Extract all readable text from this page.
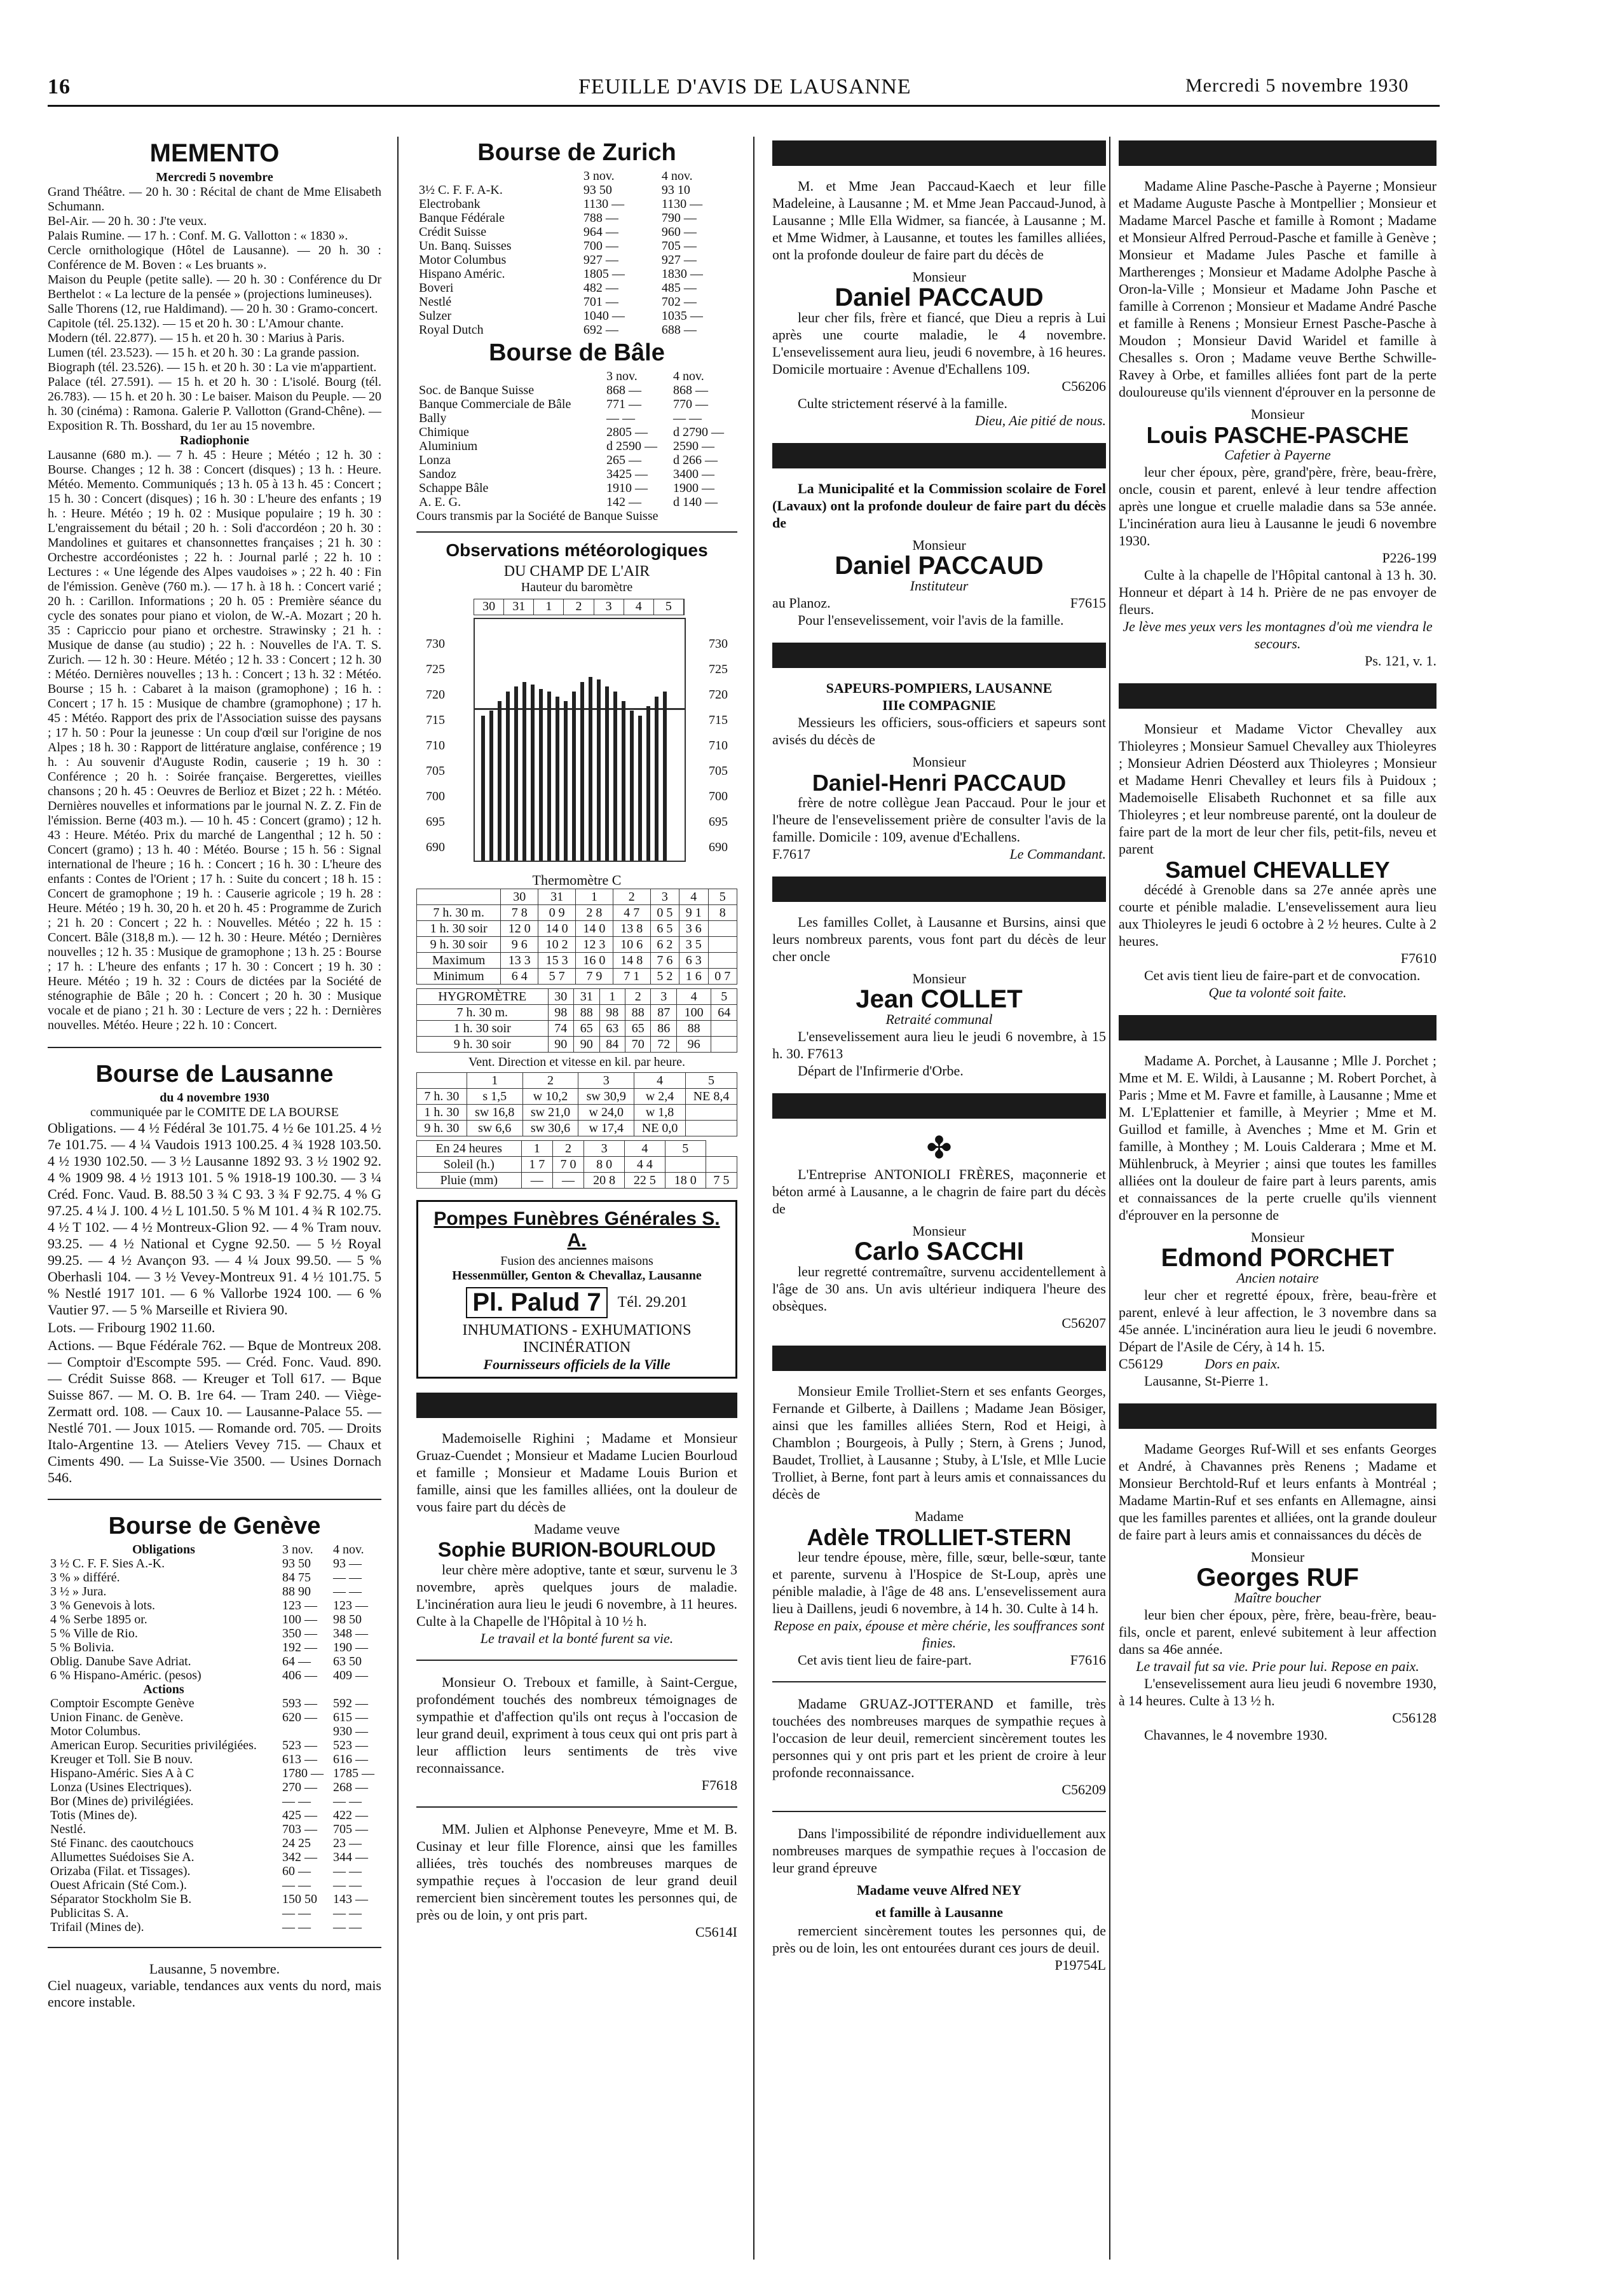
16	FEUILLE D'AVIS DE LAUSANNE	Mercredi 5 novembre 1930
MEMENTO
Mercredi 5 novembre

Grand Théâtre. — 20 h. 30 : Récital de chant de Mme Elisabeth Schumann.

Bel-Air. — 20 h. 30 : J'te veux.

Palais Rumine. — 17 h. : Conf. M. G. Vallotton : « 1830 ».

Cercle ornithologique (Hôtel de Lausanne). — 20 h. 30 : Conférence de M. Boven : « Les bruants ».

Maison du Peuple (petite salle). — 20 h. 30 : Conférence du Dr Berthelot : « La lecture de la pensée » (projections lumineuses).

Salle Thorens (12, rue Haldimand). — 20 h. 30 : Gramo-concert.

Capitole (tél. 25.132). — 15 et 20 h. 30 : L'Amour chante.

Modern (tél. 22.877). — 15 h. et 20 h. 30 : Marius à Paris.

Lumen (tél. 23.523). — 15 h. et 20 h. 30 : La grande passion.

Biograph (tél. 23.526). — 15 h. et 20 h. 30 : La vie m'appartient.

Palace (tél. 27.591). — 15 h. et 20 h. 30 : L'isolé. Bourg (tél. 26.783). — 15 h. et 20 h. 30 : Le baiser. Maison du Peuple. — 20 h. 30 (cinéma) : Ramona. Galerie P. Vallotton (Grand-Chêne). — Exposition R. Th. Bosshard, du 1er au 15 novembre.

Radiophonie

Lausanne (680 m.). — 7 h. 45 : Heure ; Météo ; 12 h. 30 : Bourse. Changes ; 12 h. 38 : Concert (disques) ; 13 h. : Heure. Météo. Memento. Communiqués ; 13 h. 05 à 13 h. 45 : Concert ; 15 h. 30 : Concert (disques) ; 16 h. 30 : L'heure des enfants ; 19 h. : Heure. Météo ; 19 h. 02 : Musique populaire ; 19 h. 30 : L'engraissement du bétail ; 20 h. : Soli d'accordéon ; 20 h. 30 : Mandolines et guitares et chansonnettes françaises ; 21 h. 30 : Orchestre accordéonistes ; 22 h. : Journal parlé ; 22 h. 10 : Lectures : « Une légende des Alpes vaudoises » ; 22 h. 40 : Fin de l'émission. Genève (760 m.). — 17 h. à 18 h. : Concert varié ; 20 h. : Carillon. Informations ; 20 h. 05 : Première séance du cycle des sonates pour piano et violon, de W.-A. Mozart ; 20 h. 35 : Capriccio pour piano et orchestre. Strawinsky ; 21 h. : Musique de danse (au studio) ; 22 h. : Nouvelles de l'A. T. S. Zurich. — 12 h. 30 : Heure. Météo ; 12 h. 33 : Concert ; 12 h. 30 : Météo. Dernières nouvelles ; 13 h. : Concert ; 13 h. 32 : Météo. Bourse ; 15 h. : Cabaret à la maison (gramophone) ; 16 h. : Concert ; 17 h. 15 : Musique de chambre (gramophone) ; 17 h. 45 : Météo. Rapport des prix de l'Association suisse des paysans ; 17 h. 50 : Pour la jeunesse : Un coup d'œil sur l'origine de nos Alpes ; 18 h. 30 : Rapport de littérature anglaise, conférence ; 19 h. : Au souvenir d'Auguste Rodin, causerie ; 19 h. 30 : Conférence ; 20 h. : Soirée française. Bergerettes, vieilles chansons ; 20 h. 45 : Oeuvres de Berlioz et Bizet ; 22 h. : Météo. Dernières nouvelles et informations par le journal N. Z. Z. Fin de l'émission. Berne (403 m.). — 10 h. 45 : Concert (gramo) ; 12 h. 43 : Heure. Météo. Prix du marché de Langenthal ; 12 h. 50 : Concert (gramo) ; 13 h. 40 : Météo. Bourse ; 15 h. 56 : Signal international de l'heure ; 16 h. : Concert ; 16 h. 30 : L'heure des enfants : Contes de l'Orient ; 17 h. : Suite du concert ; 18 h. 15 : Concert de gramophone ; 19 h. : Causerie agricole ; 19 h. 28 : Heure. Météo ; 19 h. 30, 20 h. et 20 h. 45 : Programme de Zurich ; 21 h. 20 : Concert ; 22 h. : Nouvelles. Météo ; 22 h. 15 : Concert. Bâle (318,8 m.). — 12 h. 30 : Heure. Météo ; Dernières nouvelles ; 12 h. 35 : Musique de gramophone ; 13 h. 25 : Bourse ; 17 h. : L'heure des enfants ; 17 h. 30 : Concert ; 19 h. 30 : Heure. Météo ; 19 h. 32 : Cours de dictées par la Société de sténographie de Bâle ; 20 h. : Concert ; 20 h. 30 : Musique vocale et de piano ; 21 h. 30 : Lecture de vers ; 22 h. : Dernières nouvelles. Météo. Heure ; 22 h. 10 : Concert.

Bourse de Lausanne
du 4 novembre 1930
communiquée par le COMITE DE LA BOURSE

Obligations. — 4 ½ Fédéral 3e 101.75. 4 ½ 6e 101.25. 4 ½ 7e 101.75. — 4 ¼ Vaudois 1913 100.25. 4 ¾ 1928 103.50. 4 ½ 1930 102.50. — 3 ½ Lausanne 1892 93. 3 ½ 1902 92. 4 % 1909 98. 4 ½ 1913 101. 5 % 1918-19 100.30. — 3 ¼ Créd. Fonc. Vaud. B. 88.50 3 ¾ C 93. 3 ¾ F 92.75. 4 % G 97.25. 4 ¼ J. 100. 4 ½ L 101.50. 5 % M 101. 4 ¾ R 102.75. 4 ½ T 102. — 4 ½ Montreux-Glion 92. — 4 % Tram nouv. 93.25. — 4 ½ National et Cygne 92.50. — 5 ½ Royal 99.25. — 4 ½ Avançon 93. — 4 ¼ Joux 99.50. — 5 % Oberhasli 104. — 3 ½ Vevey-Montreux 91. 4 ½ 101.75. 5 % Nestlé 1917 101. — 6 % Vallorbe 1924 100. — 6 % Vautier 97. — 5 % Marseille et Riviera 90.

Lots. — Fribourg 1902 11.60.

Actions. — Bque Fédérale 762. — Bque de Montreux 208. — Comptoir d'Escompte 595. — Créd. Fonc. Vaud. 890. — Crédit Suisse 868. — Kreuger et Toll 617. — Bque Suisse 867. — M. O. B. 1re 64. — Tram 240. — Viège-Zermatt ord. 108. — Caux 10. — Lausanne-Palace 55. — Nestlé 701. — Joux 1015. — Romande ord. 705. — Droits Italo-Argentine 13. — Ateliers Vevey 715. — Chaux et Ciments 490. — La Suisse-Vie 3500. — Usines Dornach 546.

Bourse de Genève
Obligations	3 nov.	4 nov.
3 ½ C. F. F. Sies A.-K.	93 50	93 —
3 % » différé.	84 75	— —
3 ½ » Jura.	88 90	— —
3 % Genevois à lots.	123 —	123 —
4 % Serbe 1895 or.	100 —	98 50
5 % Ville de Rio.	350 —	348 —
5 % Bolivia.	192 —	190 —
Oblig. Danube Save Adriat.	64 —	63 50
6 % Hispano-Améric. (pesos)	406 —	409 —
Actions		
Comptoir Escompte Genève	593 —	592 —
Union Financ. de Genève.	620 —	615 —
Motor Columbus.		930 —
American Europ. Securities privilégiées.	523 —	523 —
Kreuger et Toll. Sie B nouv.	613 —	616 —
Hispano-Améric. Sies A à C	1780 —	1785 —
Lonza (Usines Electriques).	270 —	268 —
Bor (Mines de) privilégiées.	— —	— —
Totis (Mines de).	425 —	422 —
Nestlé.	703 —	705 —
Sté Financ. des caoutchoucs	24 25	23 —
Allumettes Suédoises Sie A.	342 —	344 —
Orizaba (Filat. et Tissages).	60 —	— —
Ouest Africain (Sté Com.).	— —	— —
Séparator Stockholm Sie B.	150 50	143 —
Publicitas S. A.	— —	— —
Trifail (Mines de).	— —	— —
Lausanne, 5 novembre.
Ciel nuageux, variable, tendances aux vents du nord, mais encore instable.
Bourse de Zurich
	3 nov.	4 nov.
3½ C. F. F. A-K.	93 50	93 10
Electrobank	1130 —	1130 —
Banque Fédérale	788 —	790 —
Crédit Suisse	964 —	960 —
Un. Banq. Suisses	700 —	705 —
Motor Columbus	927 —	927 —
Hispano Améric.	1805 —	1830 —
Boveri	482 —	485 —
Nestlé	701 —	702 —
Sulzer	1040 —	1035 —
Royal Dutch	692 —	688 —
Bourse de Bâle
	3 nov.	4 nov.
Soc. de Banque Suisse	868 —	868 —
Banque Commerciale de Bâle	771 —	770 —
Bally	— —	— —
Chimique	2805 —	d 2790 —
Aluminium	d 2590 —	2590 —
Lonza	265 —	d 266 —
Sandoz	3425 —	3400 —
Schappe Bâle	1910 —	1900 —
A. E. G.	142 —	d 140 —
Cours transmis par la Société de Banque Suisse
Observations météorologiques
DU CHAMP DE L'AIR
Hauteur du baromètre
30	31	1	2	3	4	5
730
725
720
715
710
705
700
695
690
730
725
720
715
710
705
700
695
690
Thermomètre C
	30	31	1	2	3	4	5
7 h. 30 m.	7 8	0 9	2 8	4 7	0 5	9 1	8
1 h. 30 soir	12 0	14 0	14 0	13 8	6 5	3 6	
9 h. 30 soir	9 6	10 2	12 3	10 6	6 2	3 5	
Maximum	13 3	15 3	16 0	14 8	7 6	6 3	
Minimum	6 4	5 7	7 9	7 1	5 2	1 6	0 7
HYGROMÈTRE	30	31	1	2	3	4	5
7 h. 30 m.	98	88	98	88	87	100	64
1 h. 30 soir	74	65	63	65	86	88	
9 h. 30 soir	90	90	84	70	72	96	
Vent. Direction et vitesse en kil. par heure.
	1	2	3	4	5
7 h. 30	s 1,5	w 10,2	sw 30,9	w 2,4	NE 8,4
1 h. 30	sw 16,8	sw 21,0	w 24,0	w 1,8	
9 h. 30	sw 6,6	sw 30,6	w 17,4	NE 0,0	
En 24 heures	1	2	3	4	5	
Soleil (h.)	1 7	7 0	8 0	4 4		
Pluie (mm)	—	—	20 8	22 5	18 0	7 5
Pompes Funèbres Générales S. A.
Fusion des anciennes maisons
Hessenmüller, Genton & Chevallaz, Lausanne
Pl. Palud 7	Tél. 29.201
INHUMATIONS - EXHUMATIONS
INCINÉRATION
Fournisseurs officiels de la Ville

Mademoiselle Righini ; Madame et Monsieur Gruaz-Cuendet ; Monsieur et Madame Lucien Bourloud et famille ; Monsieur et Madame Louis Burion et famille, ainsi que les familles alliées, ont la douleur de vous faire part du décès de

Madame veuve
Sophie BURION-BOURLOUD

leur chère mère adoptive, tante et sœur, survenu le 3 novembre, après quelques jours de maladie. L'incinération aura lieu le jeudi 6 novembre, à 11 heures. Culte à la Chapelle de l'Hôpital à 10 ½ h.

Le travail et la bonté furent sa vie.

Monsieur O. Treboux et famille, à Saint-Cergue, profondément touchés des nombreux témoignages de sympathie et d'affection qu'ils ont reçus à l'occasion de leur grand deuil, expriment à tous ceux qui ont pris part à leur affliction leurs sentiments de très vive reconnaissance.

F7618

MM. Julien et Alphonse Peneveyre, Mme et M. B. Cusinay et leur fille Florence, ainsi que les familles alliées, très touchés des nombreuses marques de sympathie reçues à l'occasion de leur grand deuil remercient bien sincèrement toutes les personnes qui, de près ou de loin, y ont pris part.

C5614I

M. et Mme Jean Paccaud-Kaech et leur fille Madeleine, à Lausanne ; M. et Mme Jean Paccaud-Junod, à Lausanne ; Mlle Ella Widmer, sa fiancée, à Lausanne ; M. et Mme Widmer, à Lausanne, et toutes les familles alliées, ont la profonde douleur de faire part du décès de

Monsieur
Daniel PACCAUD

leur cher fils, frère et fiancé, que Dieu a repris à Lui après une courte maladie, le 4 novembre. L'ensevelissement aura lieu, jeudi 6 novembre, à 16 heures. Domicile mortuaire : Avenue d'Echallens 109.

C56206

Culte strictement réservé à la famille.

Dieu, Aie pitié de nous.

La Municipalité et la Commission scolaire de Forel (Lavaux) ont la profonde douleur de faire part du décès de

Monsieur
Daniel PACCAUD
Instituteur

au Planoz.	F7615

Pour l'ensevelissement, voir l'avis de la famille.

SAPEURS-POMPIERS, LAUSANNE
IIIe COMPAGNIE

Messieurs les officiers, sous-officiers et sapeurs sont avisés du décès de

Monsieur
Daniel-Henri PACCAUD

frère de notre collègue Jean Paccaud. Pour le jour et l'heure de l'ensevelissement prière de consulter l'avis de la famille. Domicile : 109, avenue d'Echallens.

F.7617	Le Commandant.

Les familles Collet, à Lausanne et Bursins, ainsi que leurs nombreux parents, vous font part du décès de leur cher oncle

Monsieur
Jean COLLET
Retraité communal

L'ensevelissement aura lieu le jeudi 6 novembre, à 15 h. 30. F7613

Départ de l'Infirmerie d'Orbe.

✤

L'Entreprise ANTONIOLI FRÈRES, maçonnerie et béton armé à Lausanne, a le chagrin de faire part du décès de

Monsieur
Carlo SACCHI

leur regretté contremaître, survenu accidentellement à l'âge de 30 ans. Un avis ultérieur indiquera l'heure des obsèques.

C56207

Monsieur Emile Trolliet-Stern et ses enfants Georges, Fernande et Gilberte, à Daillens ; Madame Jean Bösiger, ainsi que les familles alliées Stern, Rod et Heigi, à Chamblon ; Bourgeois, à Pully ; Stern, à Grens ; Junod, Baudet, Trolliet, à Lausanne ; Stuby, à L'Isle, et Mlle Lucie Trolliet, à Berne, font part à leurs amis et connaissances du décès de

Madame
Adèle TROLLIET-STERN

leur tendre épouse, mère, fille, sœur, belle-sœur, tante et parente, survenu à l'Hospice de St-Loup, après une pénible maladie, à l'âge de 48 ans. L'ensevelissement aura lieu à Daillens, jeudi 6 novembre, à 14 h. 30. Culte à 14 h.

Repose en paix, épouse et mère chérie, les souffrances sont finies.

Cet avis tient lieu de faire-part.	F7616

Madame GRUAZ-JOTTERAND et famille, très touchées des nombreuses marques de sympathie reçues à l'occasion de leur deuil, remercient sincèrement toutes les personnes qui y ont pris part et les prient de croire à leur profonde reconnaissance.

C56209

Dans l'impossibilité de répondre individuellement aux nombreuses marques de sympathie reçues à l'occasion de leur grand épreuve

Madame veuve Alfred NEY
et famille à Lausanne

remercient sincèrement toutes les personnes qui, de près ou de loin, les ont entourées durant ces jours de deuil.

P19754L

Madame Aline Pasche-Pasche à Payerne ; Monsieur et Madame Auguste Pasche à Montpellier ; Monsieur et Madame Marcel Pasche et famille à Romont ; Madame et Monsieur Alfred Perroud-Pasche et famille à Genève ; Monsieur et Madame Jules Pasche et famille à Martherenges ; Monsieur et Madame Adolphe Pasche à Oron-la-Ville ; Monsieur et Madame John Pasche et famille à Correnon ; Monsieur et Madame André Pasche et famille à Renens ; Monsieur Ernest Pasche-Pasche à Moudon ; Monsieur David Waridel et famille à Chesalles s. Oron ; Madame veuve Berthe Schwille-Ravey à Orbe, et familles alliées font part de la perte douloureuse qu'ils viennent d'éprouver en la personne de

Monsieur
Louis PASCHE-PASCHE
Cafetier à Payerne

leur cher époux, père, grand'père, frère, beau-frère, oncle, cousin et parent, enlevé à leur tendre affection après une longue et cruelle maladie dans sa 53e année. L'incinération aura lieu à Lausanne le jeudi 6 novembre 1930.

P226-199

Culte à la chapelle de l'Hôpital cantonal à 13 h. 30. Honneur et départ à 14 h. Prière de ne pas envoyer de fleurs.

Je lève mes yeux vers les montagnes d'où me viendra le secours.
Ps. 121, v. 1.

Monsieur et Madame Victor Chevalley aux Thioleyres ; Monsieur Samuel Chevalley aux Thioleyres ; Monsieur Adrien Déosterd aux Thioleyres ; Monsieur et Madame Henri Chevalley et leurs fils à Puidoux ; Mademoiselle Elisabeth Ruchonnet et sa fille aux Thioleyres ; et leur nombreuse parenté, ont la douleur de faire part de la mort de leur cher fils, petit-fils, neveu et parent

Samuel CHEVALLEY

décédé à Grenoble dans sa 27e année après une courte et pénible maladie. L'ensevelissement aura lieu aux Thioleyres le jeudi 6 octobre à 2 ½ heures. Culte à 2 heures.

F7610

Cet avis tient lieu de faire-part et de convocation.

Que ta volonté soit faite.

Madame A. Porchet, à Lausanne ; Mlle J. Porchet ; Mme et M. E. Wildi, à Lausanne ; M. Robert Porchet, à Paris ; Mme et M. Favre et famille, à Lausanne ; Mme et M. L'Eplattenier et famille, à Meyrier ; Mme et M. Guillod et famille, à Avenches ; Mme et M. Grin et famille, à Monthey ; M. Louis Calderara ; Mme et M. Mühlenbruck, à Meyrier ; ainsi que toutes les familles alliées ont la douleur de faire part à leurs parents, amis et connaissances de la perte cruelle qu'ils viennent d'éprouver en la personne de

Monsieur
Edmond PORCHET
Ancien notaire

leur cher et regretté époux, frère, beau-frère et parent, enlevé à leur affection, le 3 novembre dans sa 45e année. L'incinération aura lieu le jeudi 6 novembre. Départ de l'Asile de Céry, à 14 h. 15.

C56129	Dors en paix.

Lausanne, St-Pierre 1.

Madame Georges Ruf-Will et ses enfants Georges et André, à Chavannes près Renens ; Madame et Monsieur Berchtold-Ruf et leurs enfants à Montréal ; Madame Martin-Ruf et ses enfants en Allemagne, ainsi que les familles parentes et alliées, ont la grande douleur de faire part à leurs amis et connaissances du décès de

Monsieur
Georges RUF
Maître boucher

leur bien cher époux, père, frère, beau-frère, beau-fils, oncle et parent, enlevé subitement à leur affection dans sa 46e année.

Le travail fut sa vie. Prie pour lui. Repose en paix.

L'ensevelissement aura lieu jeudi 6 novembre 1930, à 14 heures. Culte à 13 ½ h.

C56128

Chavannes, le 4 novembre 1930.
